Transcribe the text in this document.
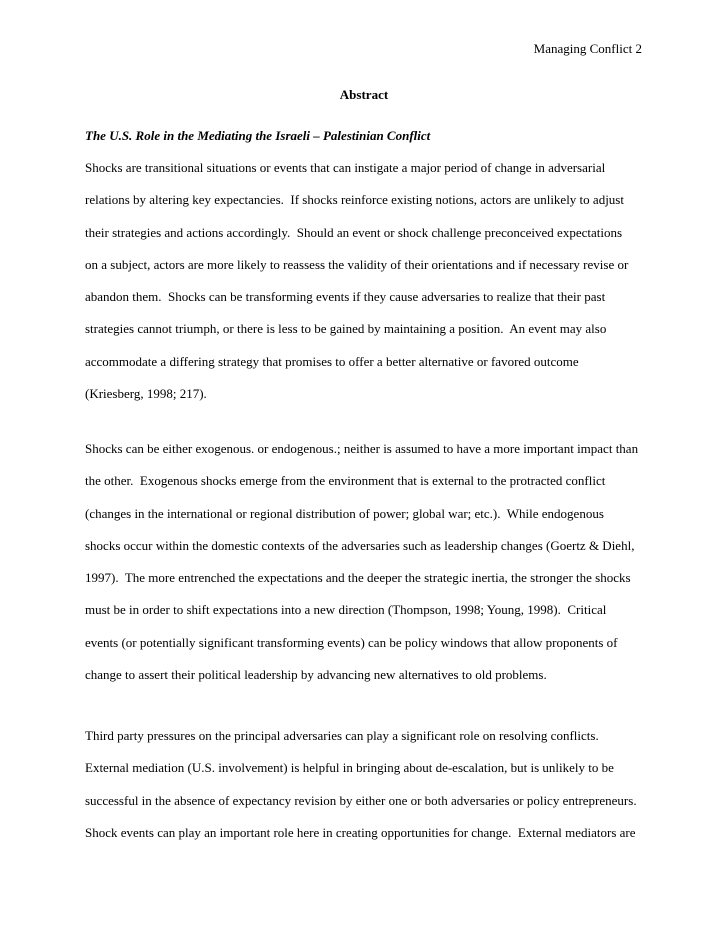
Managing Conflict 2
Abstract
The U.S. Role in the Mediating the Israeli – Palestinian Conflict
Shocks are transitional situations or events that can instigate a major period of change in adversarial
relations by altering key expectancies.  If shocks reinforce existing notions, actors are unlikely to adjust
their strategies and actions accordingly.  Should an event or shock challenge preconceived expectations
on a subject, actors are more likely to reassess the validity of their orientations and if necessary revise or
abandon them.  Shocks can be transforming events if they cause adversaries to realize that their past
strategies cannot triumph, or there is less to be gained by maintaining a position.  An event may also
accommodate a differing strategy that promises to offer a better alternative or favored outcome
(Kriesberg, 1998; 217).
Shocks can be either exogenous. or endogenous.; neither is assumed to have a more important impact than
the other.  Exogenous shocks emerge from the environment that is external to the protracted conflict
(changes in the international or regional distribution of power; global war; etc.).  While endogenous
shocks occur within the domestic contexts of the adversaries such as leadership changes (Goertz & Diehl,
1997).  The more entrenched the expectations and the deeper the strategic inertia, the stronger the shocks
must be in order to shift expectations into a new direction (Thompson, 1998; Young, 1998).  Critical
events (or potentially significant transforming events) can be policy windows that allow proponents of
change to assert their political leadership by advancing new alternatives to old problems.
Third party pressures on the principal adversaries can play a significant role on resolving conflicts.
External mediation (U.S. involvement) is helpful in bringing about de-escalation, but is unlikely to be
successful in the absence of expectancy revision by either one or both adversaries or policy entrepreneurs.
Shock events can play an important role here in creating opportunities for change.  External mediators are
